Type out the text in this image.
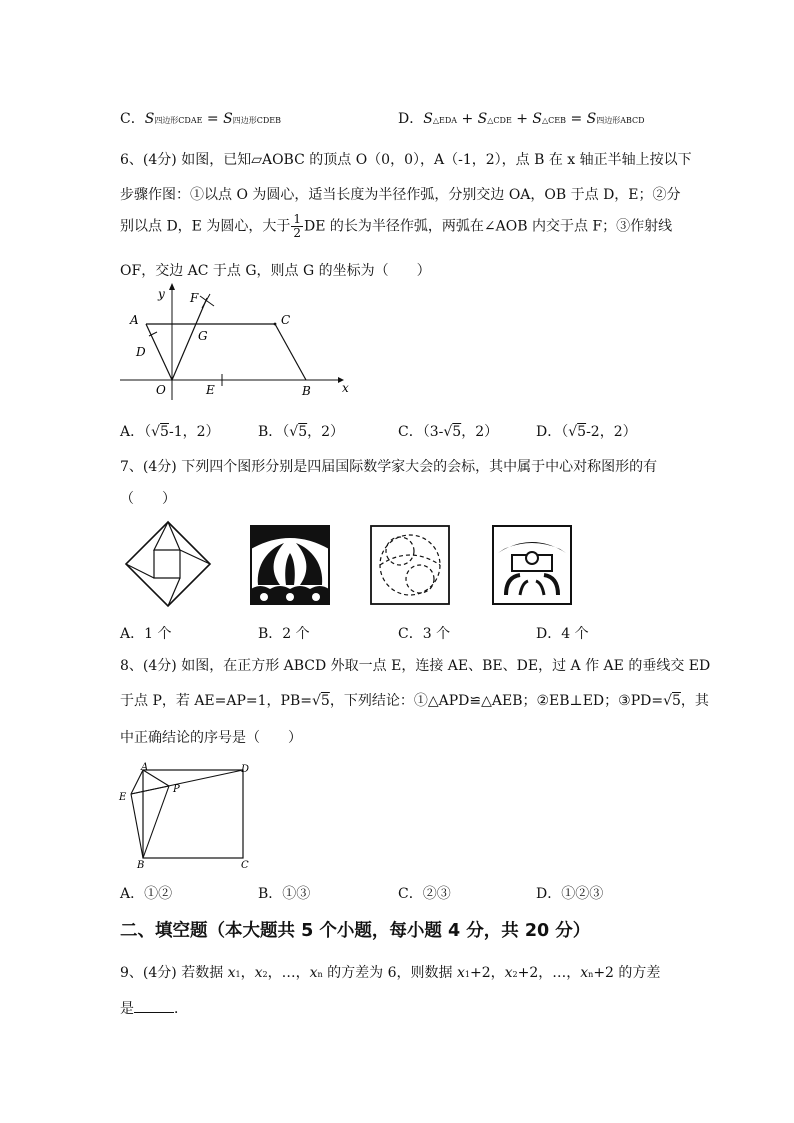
C．S四边形CDAE = S四边形CDEB	D．S△EDA + S△CDE + S△CEB = S四边形ABCD
6、(4分) 如图，已知▱AOBC 的顶点 O（0，0），A（-1，2），点 B 在 x 轴正半轴上按以下
步骤作图：①以点 O 为圆心，适当长度为半径作弧，分别交边 OA，OB 于点 D，E；②分
别以点 D，E 为圆心，大于 $\frac{1}{2}$ DE 的长为半径作弧，两弧在∠AOB 内交于点 F；③作射线
OF，交边 AC 于点 G，则点 G 的坐标为（　　）
y
x
F
A	C
G
D
O	E	B
A．（√5-1，2）	B．（√5，2）	C．（3-√5，2）	D．（√5-2，2）
7、(4分) 下列四个图形分别是四届国际数学家大会的会标，其中属于中心对称图形的有
（　　）
A．1 个	B．2 个	C．3 个	D．4 个
8、(4分) 如图，在正方形 ABCD 外取一点 E，连接 AE、BE、DE，过 A 作 AE 的垂线交 ED
于点 P，若 AE=AP=1，PB=√5，下列结论：①△APD≌△AEB；②EB⊥ED；③PD=√5，其
中正确结论的序号是（　　）
A	D
E
P
B	C
A．①②	B．①③	C．②③	D．①②③
二、填空题（本大题共 5 个小题，每小题 4 分，共 20 分）
9、(4分) 若数据 x1，x2，…，xn 的方差为 6，则数据 x1+2，x2+2，…，xn+2 的方差
是	．
